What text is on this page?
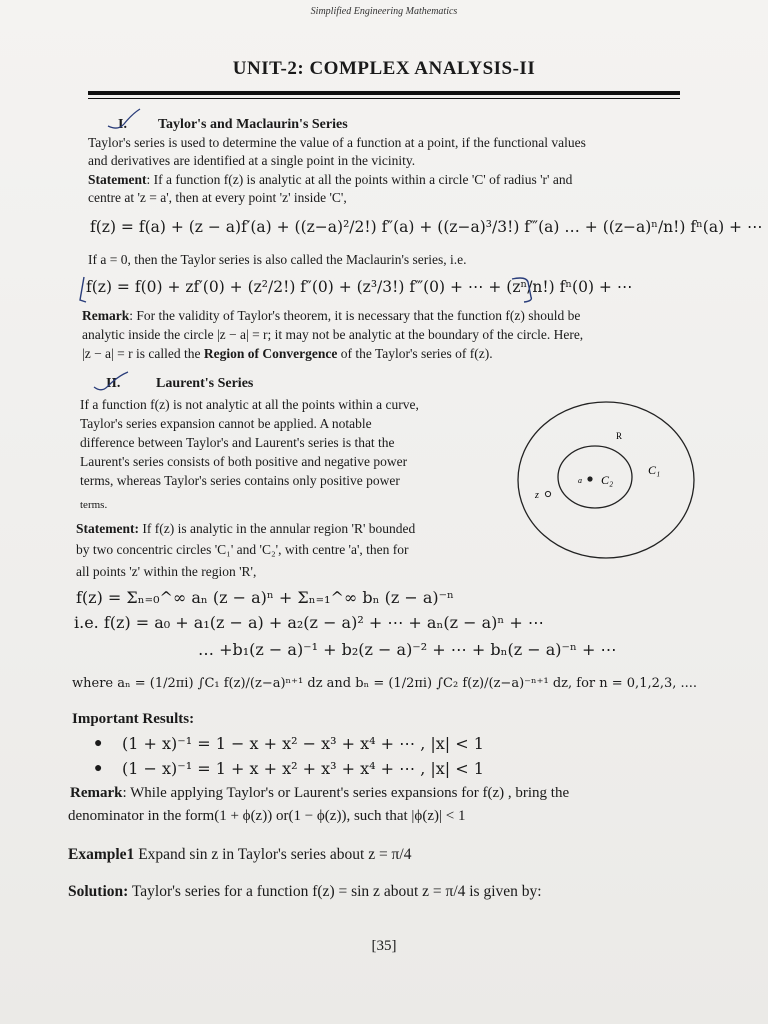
Simplified Engineering Mathematics
UNIT-2: COMPLEX ANALYSIS-II
I. Taylor's and Maclaurin's Series
Taylor's series is used to determine the value of a function at a point, if the functional values
and derivatives are identified at a single point in the vicinity.
Statement: If a function f(z) is analytic at all the points within a circle 'C' of radius 'r' and
centre at 'z = a', then at every point 'z' inside 'C',
f(z) = f(a) + (z − a)f′(a) + ((z−a)²/2!) f″(a) + ((z−a)³/3!) f‴(a) … + ((z−a)ⁿ/n!) fⁿ(a) + ⋯
If a = 0, then the Taylor series is also called the Maclaurin's series, i.e.
f(z) = f(0) + zf′(0) + (z²/2!) f″(0) + (z³/3!) f‴(0) + ⋯ + (zⁿ/n!) fⁿ(0) + ⋯
Remark: For the validity of Taylor's theorem, it is necessary that the function f(z) should be
analytic inside the circle |z − a| = r; it may not be analytic at the boundary of the circle. Here,
|z − a| = r is called the Region of Convergence of the Taylor's series of f(z).
II.	Laurent's Series
If a function f(z) is not analytic at all the points within a curve,
Taylor's series expansion cannot be applied. A notable
difference between Taylor's and Laurent's series is that the
Laurent's series consists of both positive and negative power
terms, whereas Taylor's series contains only positive power
terms.
R
C₁
C₂
a
z
Statement: If f(z) is analytic in the annular region 'R' bounded
by two concentric circles 'C₁' and 'C₂', with centre 'a', then for
all points 'z' within the region 'R',
f(z) = Σₙ₌₀^∞ aₙ (z − a)ⁿ + Σₙ₌₁^∞ bₙ (z − a)⁻ⁿ
i.e. f(z) = a₀ + a₁(z − a) + a₂(z − a)² + ⋯ + aₙ(z − a)ⁿ + ⋯
… +b₁(z − a)⁻¹ + b₂(z − a)⁻² + ⋯ + bₙ(z − a)⁻ⁿ + ⋯
where aₙ = (1/2πi) ∫C₁ f(z)/(z−a)ⁿ⁺¹ dz and bₙ = (1/2πi) ∫C₂ f(z)/(z−a)⁻ⁿ⁺¹ dz, for n = 0,1,2,3, ....
Important Results:
● (1 + x)⁻¹ = 1 − x + x² − x³ + x⁴ + ⋯ , |x| < 1
● (1 − x)⁻¹ = 1 + x + x² + x³ + x⁴ + ⋯ , |x| < 1
Remark: While applying Taylor's or Laurent's series expansions for f(z) , bring the
denominator in the form(1 + ϕ(z)) or(1 − ϕ(z)), such that |ϕ(z)| < 1
Example1 Expand sin z in Taylor's series about z = π/4
Solution: Taylor's series for a function f(z) = sin z about z = π/4 is given by:
[35]
